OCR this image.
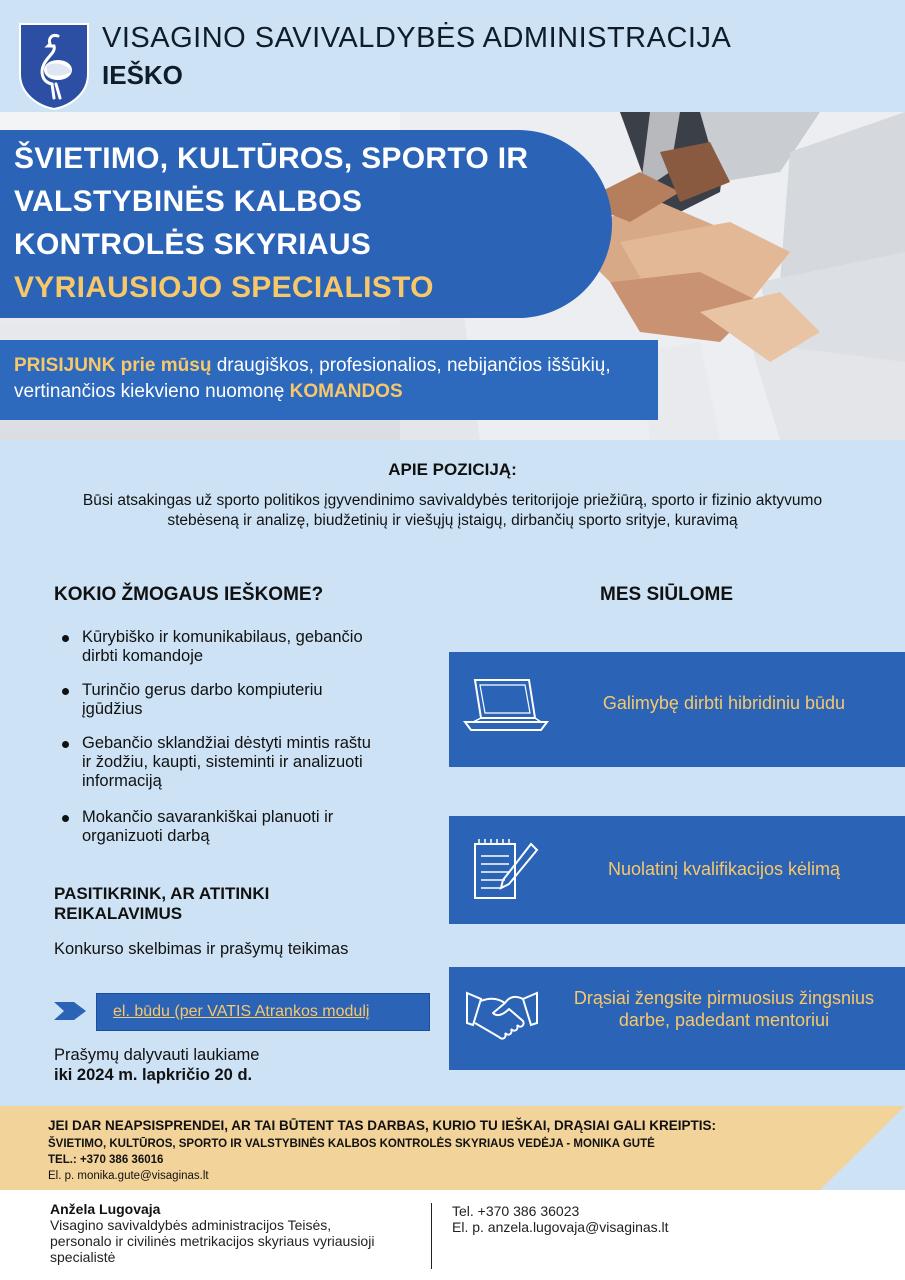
VISAGINO SAVIVALDYBĖS ADMINISTRACIJA
IEŠKO
ŠVIETIMO, KULTŪROS, SPORTO IR
VALSTYBINĖS KALBOS
KONTROLĖS SKYRIAUS
VYRIAUSIOJO SPECIALISTO
PRISIJUNK prie mūsų draugiškos, profesionalios, nebijančios iššūkių, vertinančios kiekvieno nuomonę KOMANDOS
APIE POZICIJĄ:
Būsi atsakingas už sporto politikos įgyvendinimo savivaldybės teritorijoje priežiūrą, sporto ir fizinio aktyvumo stebėseną ir analizę, biudžetinių ir viešųjų įstaigų, dirbančių sporto srityje, kuravimą
KOKIO ŽMOGAUS IEŠKOME?
Kūrybiško ir komunikabilaus, gebančio dirbti komandoje
Turinčio gerus darbo kompiuteriu įgūdžius
Gebančio sklandžiai dėstyti mintis raštu ir žodžiu, kaupti, sisteminti ir analizuoti informaciją
Mokančio savarankiškai planuoti ir organizuoti darbą
PASITIKRINK, AR ATITINKI REIKALAVIMUS
Konkurso skelbimas ir prašymų teikimas
el. būdu (per VATIS Atrankos modulį
Prašymų dalyvauti laukiame
iki 2024 m. lapkričio 20 d.
MES SIŪLOME
Galimybę dirbti hibridiniu būdu
Nuolatinį kvalifikacijos kėlimą
Drąsiai žengsite pirmuosius žingsnius darbe, padedant mentoriui
JEI DAR NEAPSISPRENDEI, AR TAI BŪTENT TAS DARBAS, KURIO TU IEŠKAI, DRĄSIAI GALI KREIPTIS:
ŠVIETIMO, KULTŪROS, SPORTO IR VALSTYBINĖS KALBOS KONTROLĖS SKYRIAUS VEDĖJA - MONIKA GUTĖ
TEL.: +370 386 36016
El. p. monika.gute@visaginas.lt
Anželа Lugovaja
Visagino savivaldybės administracijos Teisės, personalo ir civilinės metrikacijos skyriaus vyriausioji specialistė
Tel. +370 386 36023
El. p. anzela.lugovaja@visaginas.lt
